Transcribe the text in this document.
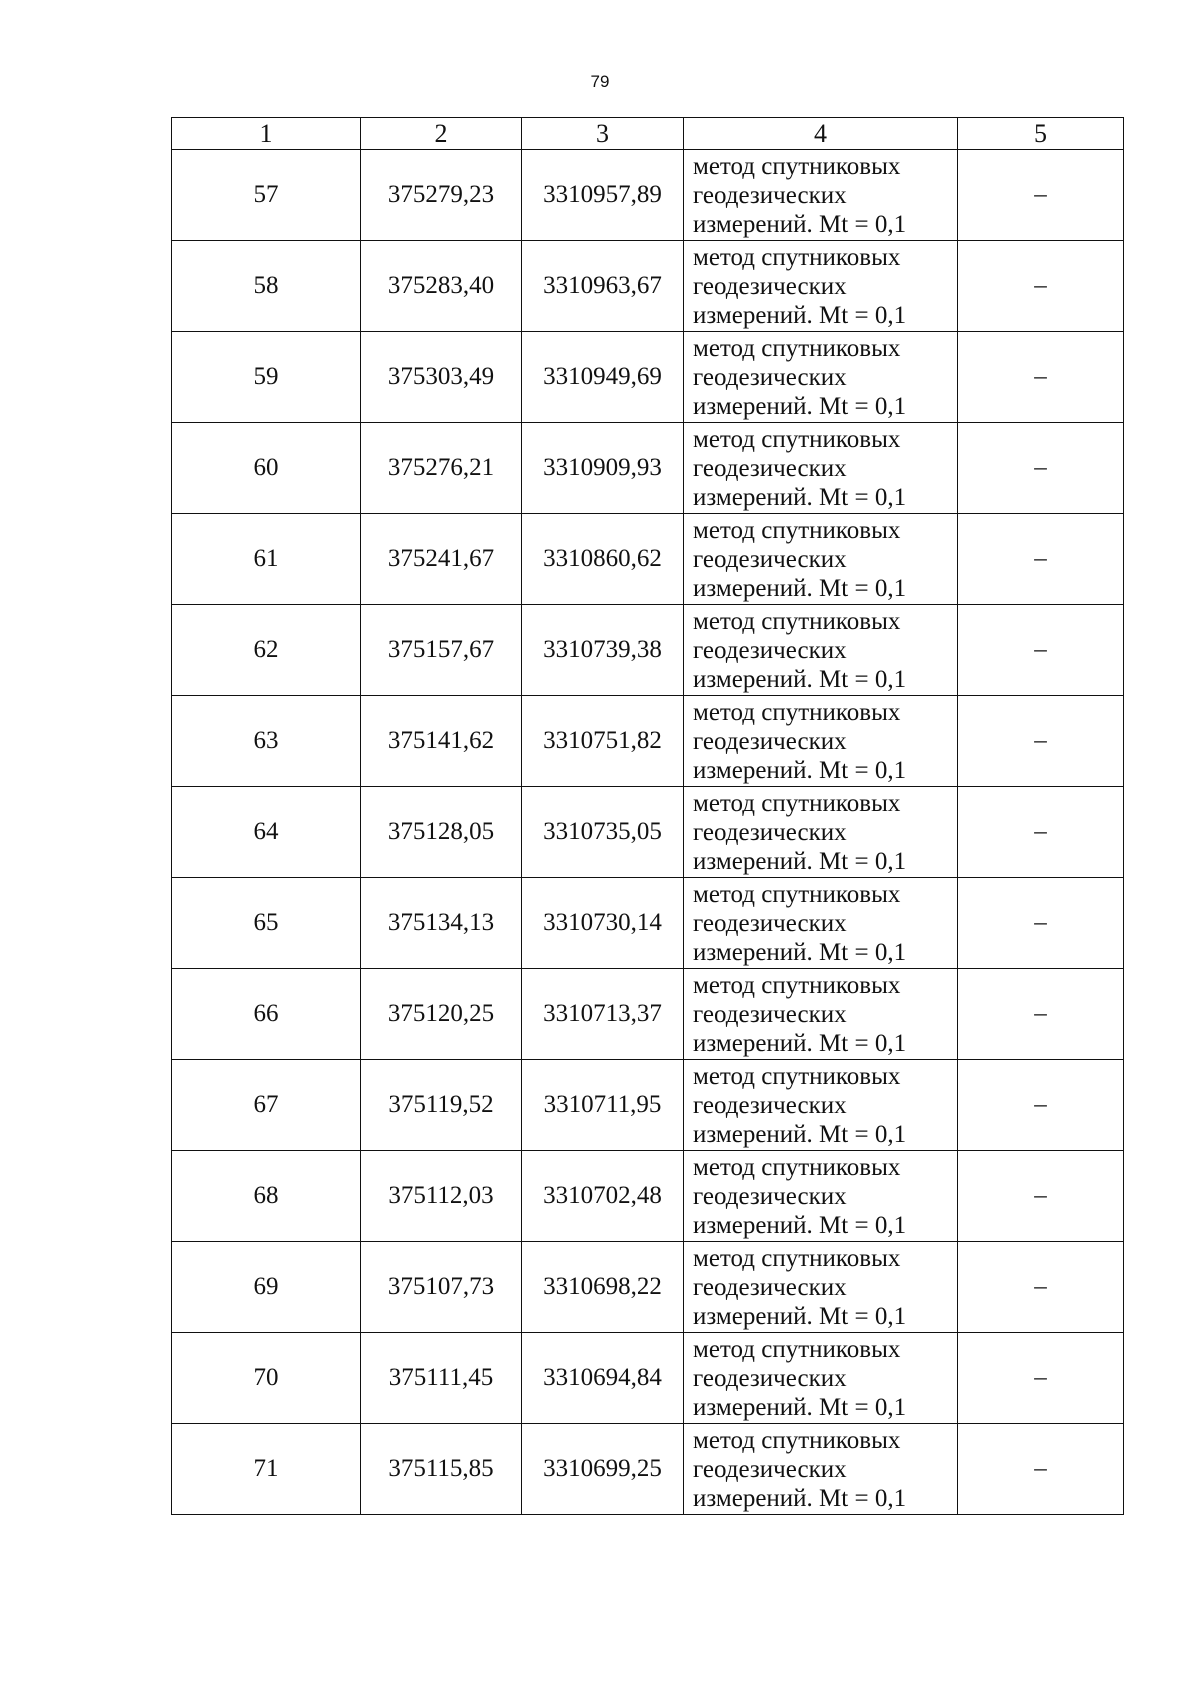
79
1	2	3	4	5
57	375279,23	3310957,89	метод спутниковых
геодезических
измерений. Mt = 0,1	–
58	375283,40	3310963,67	метод спутниковых
геодезических
измерений. Mt = 0,1	–
59	375303,49	3310949,69	метод спутниковых
геодезических
измерений. Mt = 0,1	–
60	375276,21	3310909,93	метод спутниковых
геодезических
измерений. Mt = 0,1	–
61	375241,67	3310860,62	метод спутниковых
геодезических
измерений. Mt = 0,1	–
62	375157,67	3310739,38	метод спутниковых
геодезических
измерений. Mt = 0,1	–
63	375141,62	3310751,82	метод спутниковых
геодезических
измерений. Mt = 0,1	–
64	375128,05	3310735,05	метод спутниковых
геодезических
измерений. Mt = 0,1	–
65	375134,13	3310730,14	метод спутниковых
геодезических
измерений. Mt = 0,1	–
66	375120,25	3310713,37	метод спутниковых
геодезических
измерений. Mt = 0,1	–
67	375119,52	3310711,95	метод спутниковых
геодезических
измерений. Mt = 0,1	–
68	375112,03	3310702,48	метод спутниковых
геодезических
измерений. Mt = 0,1	–
69	375107,73	3310698,22	метод спутниковых
геодезических
измерений. Mt = 0,1	–
70	375111,45	3310694,84	метод спутниковых
геодезических
измерений. Mt = 0,1	–
71	375115,85	3310699,25	метод спутниковых
геодезических
измерений. Mt = 0,1	–
